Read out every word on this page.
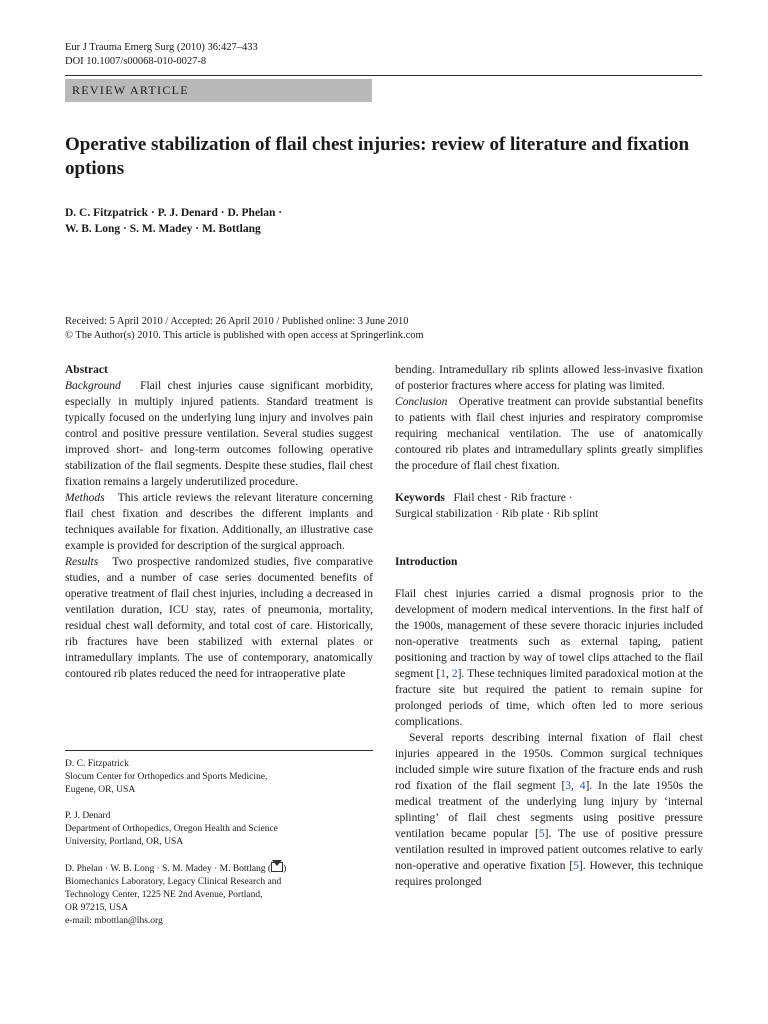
Eur J Trauma Emerg Surg (2010) 36:427–433
DOI 10.1007/s00068-010-0027-8
REVIEW ARTICLE
Operative stabilization of flail chest injuries: review of literature and fixation options
D. C. Fitzpatrick · P. J. Denard · D. Phelan ·
W. B. Long · S. M. Madey · M. Bottlang
Received: 5 April 2010 / Accepted: 26 April 2010 / Published online: 3 June 2010
© The Author(s) 2010. This article is published with open access at Springerlink.com

Abstract

Background Flail chest injuries cause significant morbidity, especially in multiply injured patients. Standard treatment is typically focused on the underlying lung injury and involves pain control and positive pressure ventilation. Several studies suggest improved short- and long-term outcomes following operative stabilization of the flail segments. Despite these studies, flail chest fixation remains a largely underutilized procedure.

Methods This article reviews the relevant literature concerning flail chest fixation and describes the different implants and techniques available for fixation. Additionally, an illustrative case example is provided for description of the surgical approach.

Results Two prospective randomized studies, five comparative studies, and a number of case series documented benefits of operative treatment of flail chest injuries, including a decreased in ventilation duration, ICU stay, rates of pneumonia, mortality, residual chest wall deformity, and total cost of care. Historically, rib fractures have been stabilized with external plates or intramedullary implants. The use of contemporary, anatomically contoured rib plates reduced the need for intraoperative plate

D. C. Fitzpatrick

Slocum Center for Orthopedics and Sports Medicine,

Eugene, OR, USA

P. J. Denard

Department of Orthopedics, Oregon Health and Science

University, Portland, OR, USA

D. Phelan · W. B. Long · S. M. Madey · M. Bottlang ( )

Biomechanics Laboratory, Legacy Clinical Research and

Technology Center, 1225 NE 2nd Avenue, Portland,

OR 97215, USA

e-mail: mbottlan@lhs.org

bending. Intramedullary rib splints allowed less-invasive fixation of posterior fractures where access for plating was limited.

Conclusion Operative treatment can provide substantial benefits to patients with flail chest injuries and respiratory compromise requiring mechanical ventilation. The use of anatomically contoured rib plates and intramedullary splints greatly simplifies the procedure of flail chest fixation.

Keywords Flail chest · Rib fracture ·
Surgical stabilization · Rib plate · Rib splint

Introduction

Flail chest injuries carried a dismal prognosis prior to the development of modern medical interventions. In the first half of the 1900s, management of these severe thoracic injuries included non-operative treatments such as external taping, patient positioning and traction by way of towel clips attached to the flail segment [1, 2]. These techniques limited paradoxical motion at the fracture site but required the patient to remain supine for prolonged periods of time, which often led to more serious complications.

Several reports describing internal fixation of flail chest injuries appeared in the 1950s. Common surgical techniques included simple wire suture fixation of the fracture ends and rush rod fixation of the flail segment [3, 4]. In the late 1950s the medical treatment of the underlying lung injury by ‘internal splinting’ of flail chest segments using positive pressure ventilation became popular [5]. The use of positive pressure ventilation resulted in improved patient outcomes relative to early non-operative and operative fixation [5]. However, this technique requires prolonged
